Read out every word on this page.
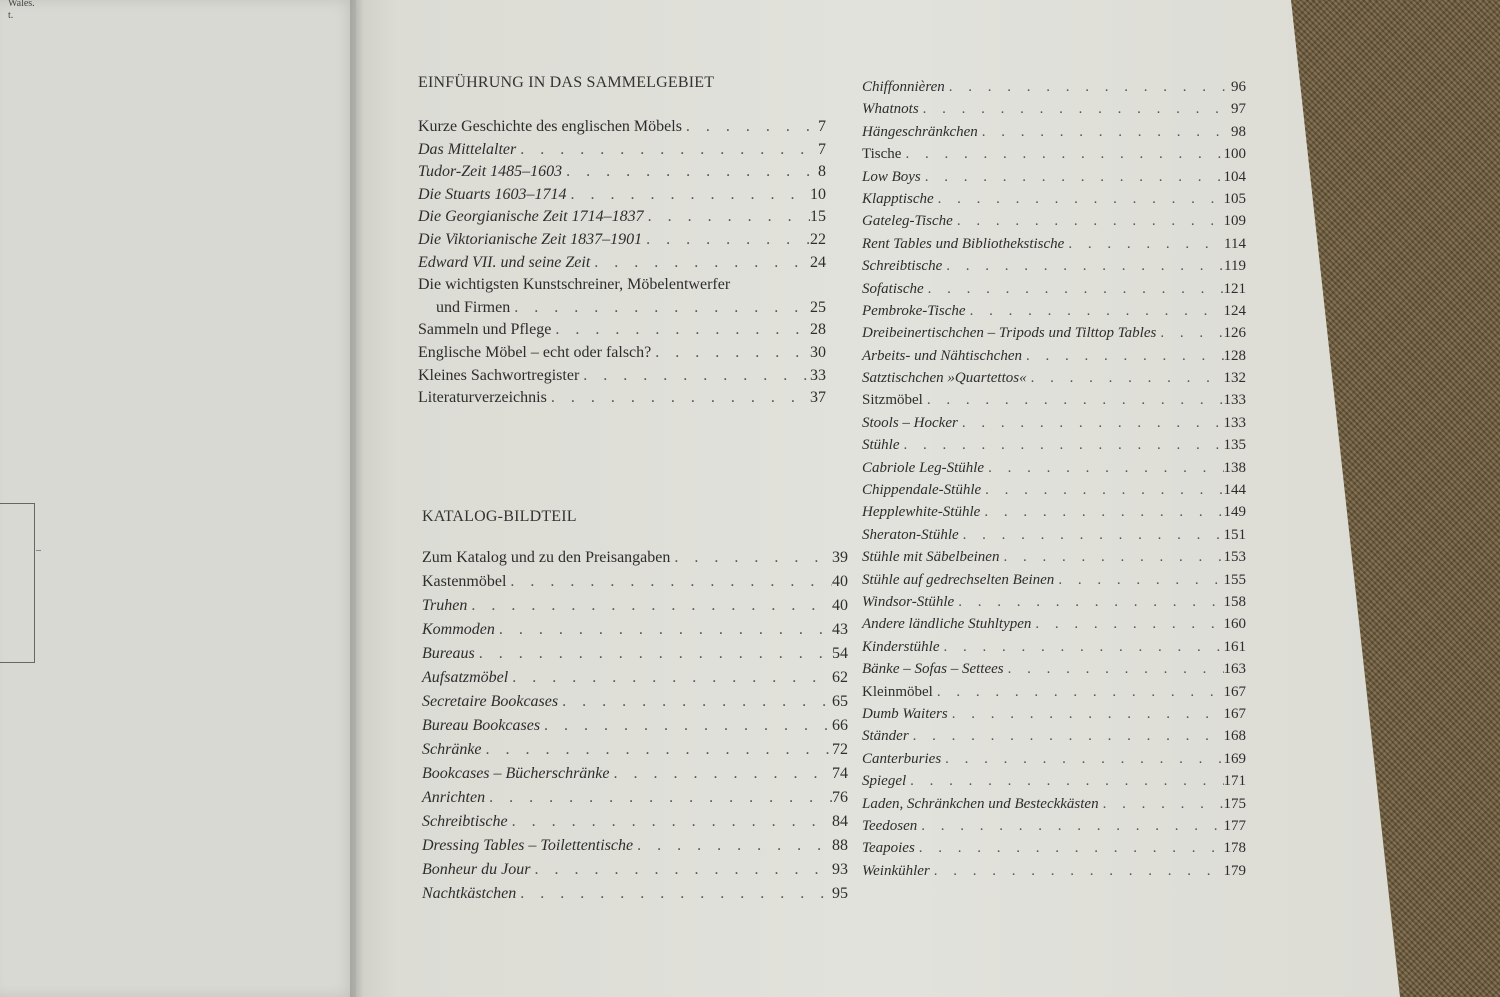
Wales.
t.
–
EINFÜHRUNG IN DAS SAMMELGEBIET
Kurze Geschichte des englischen Möbels . . .	7
Das Mittelalter . . .	7
Tudor-Zeit 1485–1603 . . .	8
Die Stuarts 1603–1714 . . .	10
Die Georgianische Zeit 1714–1837 . . .	15
Die Viktorianische Zeit 1837–1901 . . .	22
Edward VII. und seine Zeit . . .	24
Die wichtigsten Kunstschreiner, Möbelentwerfer
und Firmen . . .	25
Sammeln und Pflege . . .	28
Englische Möbel – echt oder falsch? . . .	30
Kleines Sachwortregister . . .	33
Literaturverzeichnis . . .	37
KATALOG-BILDTEIL
Zum Katalog und zu den Preisangaben . . .	39
Kastenmöbel . . .	40
Truhen . . .	40
Kommoden . . .	43
Bureaus . . .	54
Aufsatzmöbel . . .	62
Secretaire Bookcases . . .	65
Bureau Bookcases . . .	66
Schränke . . .	72
Bookcases – Bücherschränke . . .	74
Anrichten . . .	76
Schreibtische . . .	84
Dressing Tables – Toilettentische . . .	88
Bonheur du Jour . . .	93
Nachtkästchen . . .	95
Chiffonnièren . . .	96
Whatnots . . .	97
Hängeschränkchen . . .	98
Tische . . .	100
Low Boys . . .	104
Klapptische . . .	105
Gateleg-Tische . . .	109
Rent Tables und Bibliothekstische . . .	114
Schreibtische . . .	119
Sofatische . . .	121
Pembroke-Tische . . .	124
Dreibeinertischchen – Tripods und Tilttop Tables . . .	126
Arbeits- und Nähtischchen . . .	128
Satztischchen »Quartettos« . . .	132
Sitzmöbel . . .	133
Stools – Hocker . . .	133
Stühle . . .	135
Cabriole Leg-Stühle . . .	138
Chippendale-Stühle . . .	144
Hepplewhite-Stühle . . .	149
Sheraton-Stühle . . .	151
Stühle mit Säbelbeinen . . .	153
Stühle auf gedrechselten Beinen . . .	155
Windsor-Stühle . . .	158
Andere ländliche Stuhltypen . . .	160
Kinderstühle . . .	161
Bänke – Sofas – Settees . . .	163
Kleinmöbel . . .	167
Dumb Waiters . . .	167
Ständer . . .	168
Canterburies . . .	169
Spiegel . . .	171
Laden, Schränkchen und Besteckkästen . . .	175
Teedosen . . .	177
Teapoies . . .	178
Weinkühler . . .	179
